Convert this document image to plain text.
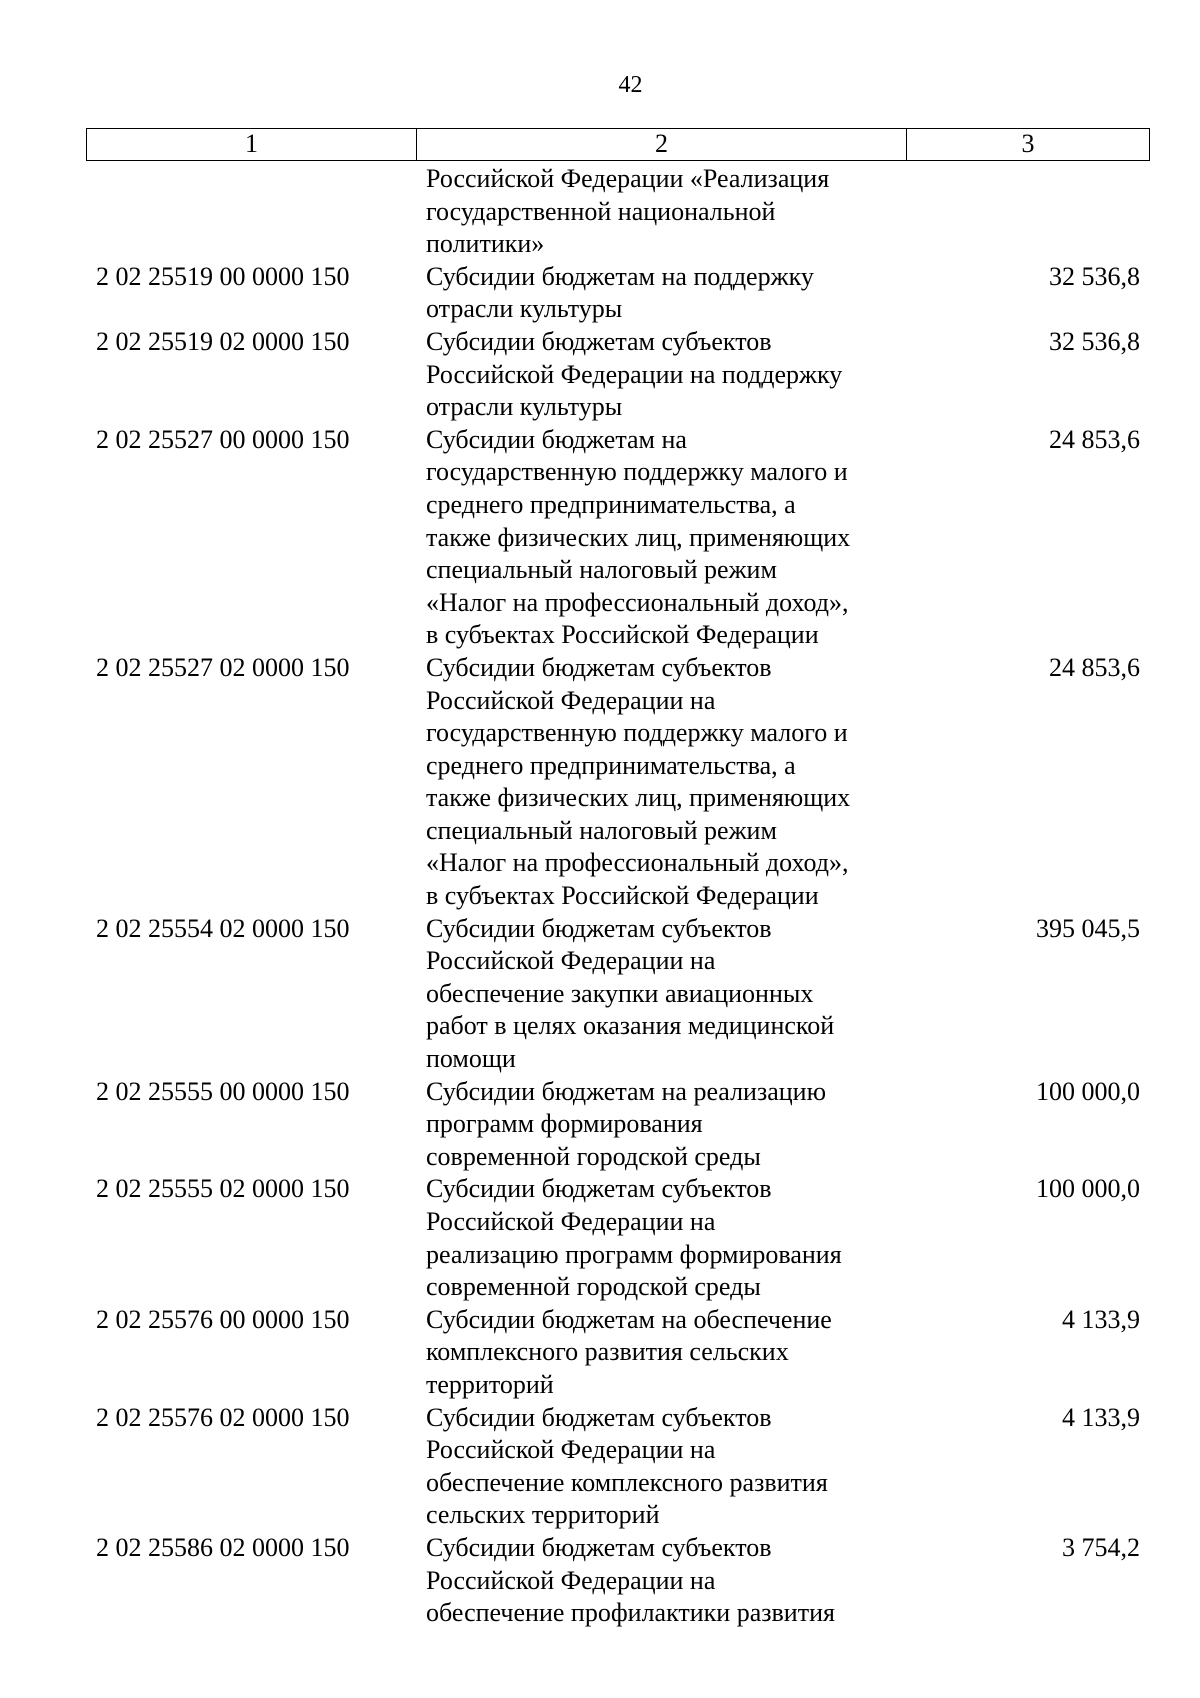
42
1	2	3
Российской Федерации «Реализация
государственной национальной
политики»
2 02 25519 00 0000 150	Субсидии бюджетам на поддержку
отрасли культуры
32 536,8
2 02 25519 02 0000 150	Субсидии бюджетам субъектов
Российской Федерации на поддержку
отрасли культуры
32 536,8
2 02 25527 00 0000 150	Субсидии бюджетам на
государственную поддержку малого и
среднего предпринимательства, а
также физических лиц, применяющих
специальный налоговый режим
«Налог на профессиональный доход»,
в субъектах Российской Федерации
24 853,6
2 02 25527 02 0000 150	Субсидии бюджетам субъектов
Российской Федерации на
государственную поддержку малого и
среднего предпринимательства, а
также физических лиц, применяющих
специальный налоговый режим
«Налог на профессиональный доход»,
в субъектах Российской Федерации
24 853,6
2 02 25554 02 0000 150	Субсидии бюджетам субъектов
Российской Федерации на
обеспечение закупки авиационных
работ в целях оказания медицинской
помощи
395 045,5
2 02 25555 00 0000 150	Субсидии бюджетам на реализацию
программ формирования
современной городской среды
100 000,0
2 02 25555 02 0000 150	Субсидии бюджетам субъектов
Российской Федерации на
реализацию программ формирования
современной городской среды
100 000,0
2 02 25576 00 0000 150	Субсидии бюджетам на обеспечение
комплексного развития сельских
территорий
4 133,9
2 02 25576 02 0000 150	Субсидии бюджетам субъектов
Российской Федерации на
обеспечение комплексного развития
сельских территорий
4 133,9
2 02 25586 02 0000 150	Субсидии бюджетам субъектов
Российской Федерации на
обеспечение профилактики развития
3 754,2
